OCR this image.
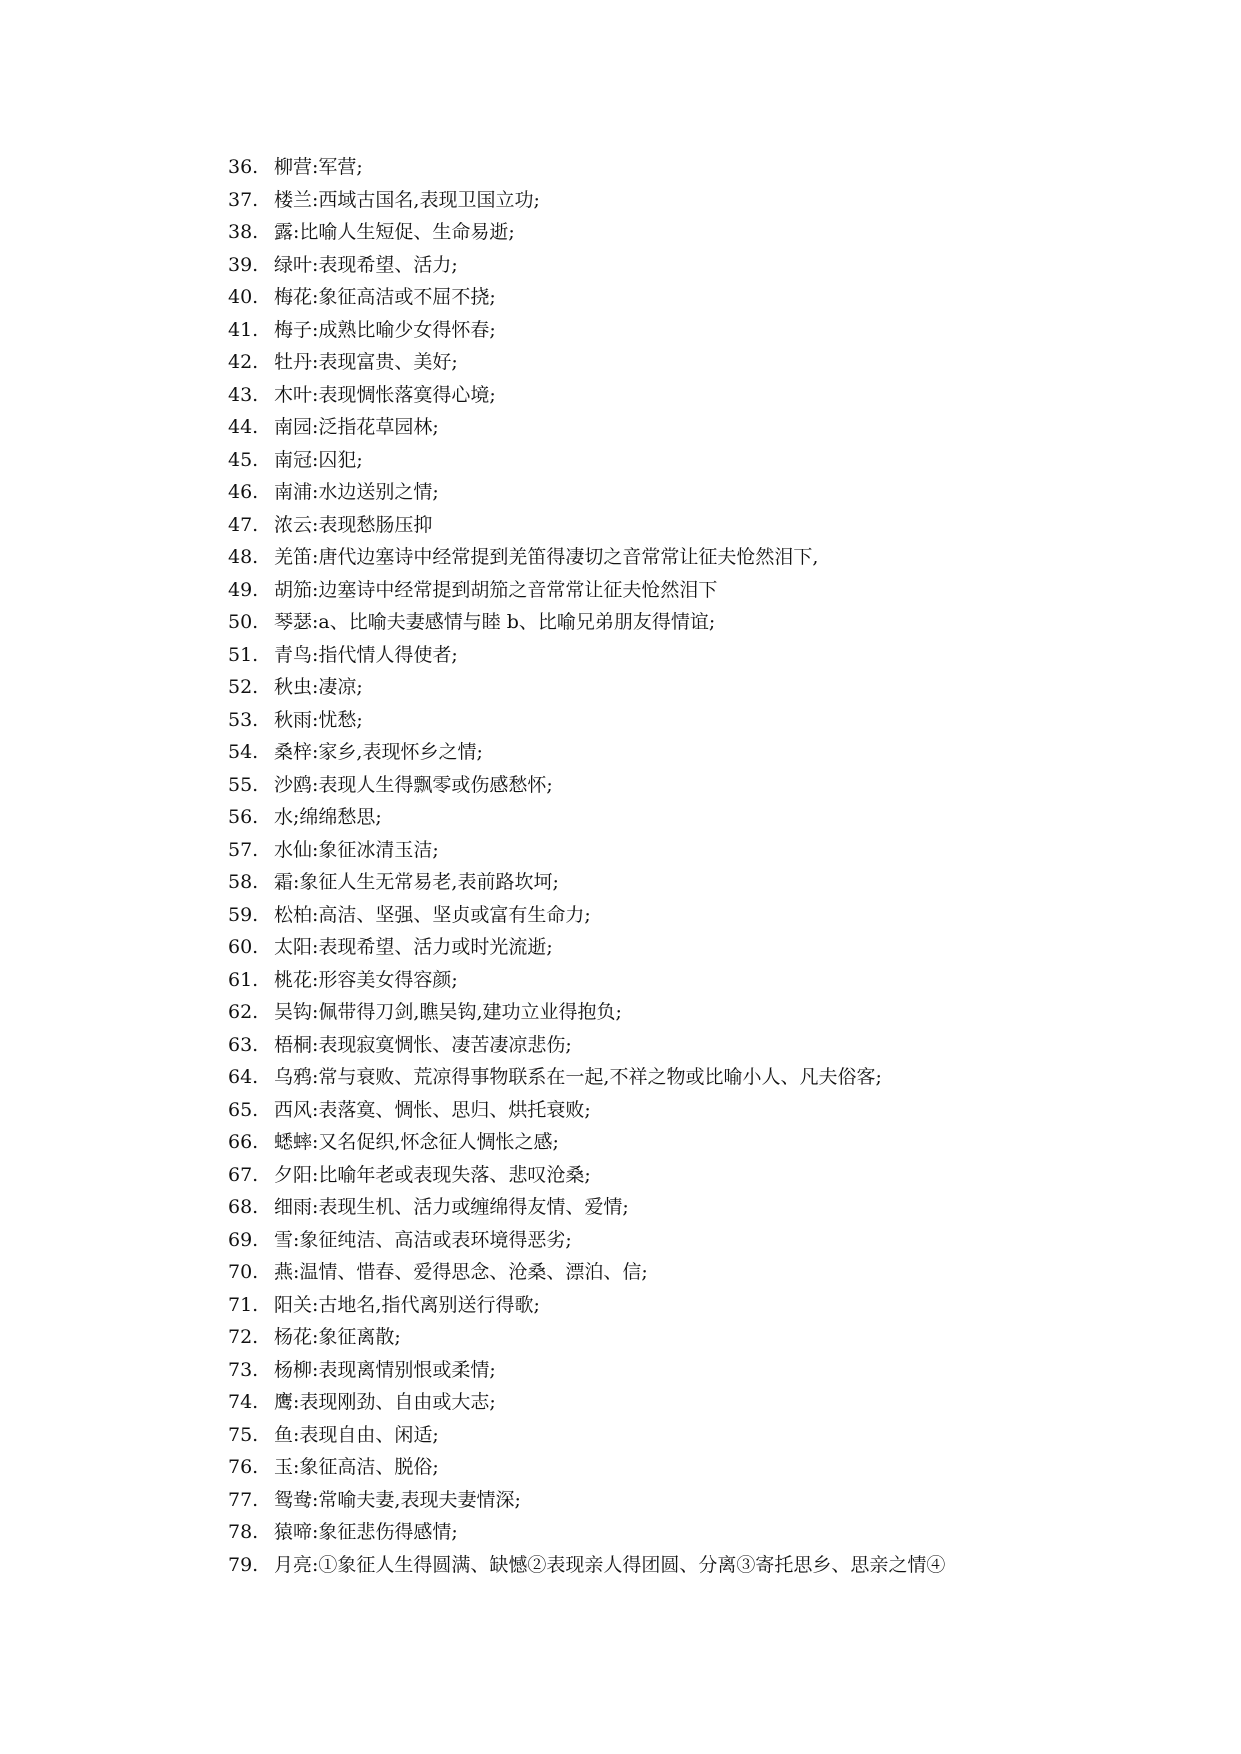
36. 柳营:军营;
37. 楼兰:西域古国名,表现卫国立功;
38. 露:比喻人生短促、生命易逝;
39. 绿叶:表现希望、活力;
40. 梅花:象征高洁或不屈不挠;
41. 梅子:成熟比喻少女得怀春;
42. 牡丹:表现富贵、美好;
43. 木叶:表现惆怅落寞得心境;
44. 南园:泛指花草园林;
45. 南冠:囚犯;
46. 南浦:水边送别之情;
47. 浓云:表现愁肠压抑
48. 羌笛:唐代边塞诗中经常提到羌笛得凄切之音常常让征夫怆然泪下,
49. 胡笳:边塞诗中经常提到胡笳之音常常让征夫怆然泪下
50. 琴瑟:a、比喻夫妻感情与睦 b、比喻兄弟朋友得情谊;
51. 青鸟:指代情人得使者;
52. 秋虫:凄凉;
53. 秋雨:忧愁;
54. 桑梓:家乡,表现怀乡之情;
55. 沙鸥:表现人生得飘零或伤感愁怀;
56. 水;绵绵愁思;
57. 水仙:象征冰清玉洁;
58. 霜:象征人生无常易老,表前路坎坷;
59. 松柏:高洁、坚强、坚贞或富有生命力;
60. 太阳:表现希望、活力或时光流逝;
61. 桃花:形容美女得容颜;
62. 吴钩:佩带得刀剑,瞧吴钩,建功立业得抱负;
63. 梧桐:表现寂寞惆怅、凄苦凄凉悲伤;
64. 乌鸦:常与衰败、荒凉得事物联系在一起,不祥之物或比喻小人、凡夫俗客;
65. 西风:表落寞、惆怅、思归、烘托衰败;
66. 蟋蟀:又名促织,怀念征人惆怅之感;
67. 夕阳:比喻年老或表现失落、悲叹沧桑;
68. 细雨:表现生机、活力或缠绵得友情、爱情;
69. 雪:象征纯洁、高洁或表环境得恶劣;
70. 燕:温情、惜春、爱得思念、沧桑、漂泊、信;
71. 阳关:古地名,指代离别送行得歌;
72. 杨花:象征离散;
73. 杨柳:表现离情别恨或柔情;
74. 鹰:表现刚劲、自由或大志;
75. 鱼:表现自由、闲适;
76. 玉:象征高洁、脱俗;
77. 鸳鸯:常喻夫妻,表现夫妻情深;
78. 猿啼:象征悲伤得感情;
79. 月亮:①象征人生得圆满、缺憾②表现亲人得团圆、分离③寄托思乡、思亲之情④
